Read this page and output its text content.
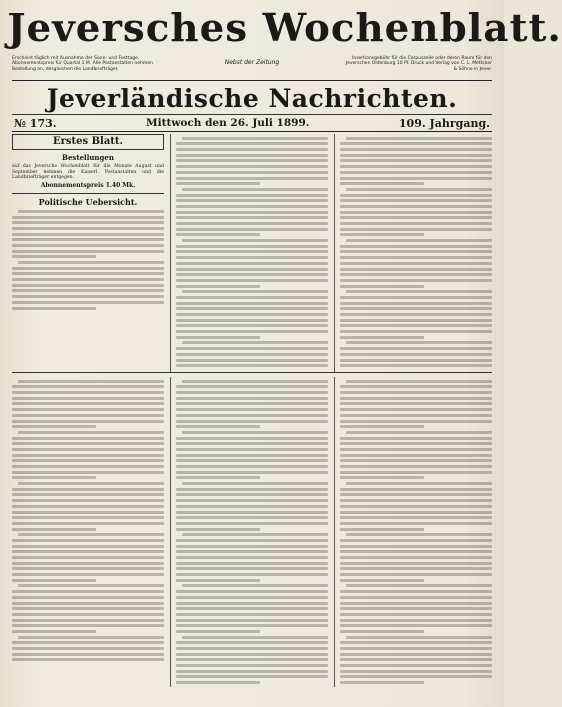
Jeversches Wochenblatt.
Erscheint täglich mit Ausnahme der Sonn- und Festtage. Abonnementspreis für Quartal 1 M. Alle Postanstalten nehmen Bestellung an, desgleichen die Landbriefträger.
Nebst der Zeitung
Insertionsgebühr für die Corpuszeile oder deren Raum für den Jeverschen Oldenburg 10 Pf. Druck und Verlag von C. L. Mettcker & Söhne in Jever.
Jeverländische Nachrichten.
№ 173.	Mittwoch den 26. Juli 1899.	109. Jahrgang.
Erstes Blatt.
Bestellungen
auf das Jeversche Wochenblatt für die Monate August und September nehmen die Kaiserl. Postanstalten und die Landbriefträger entgegen.
Abonnementspreis 1.40 Mk.
Politische Uebersicht.
